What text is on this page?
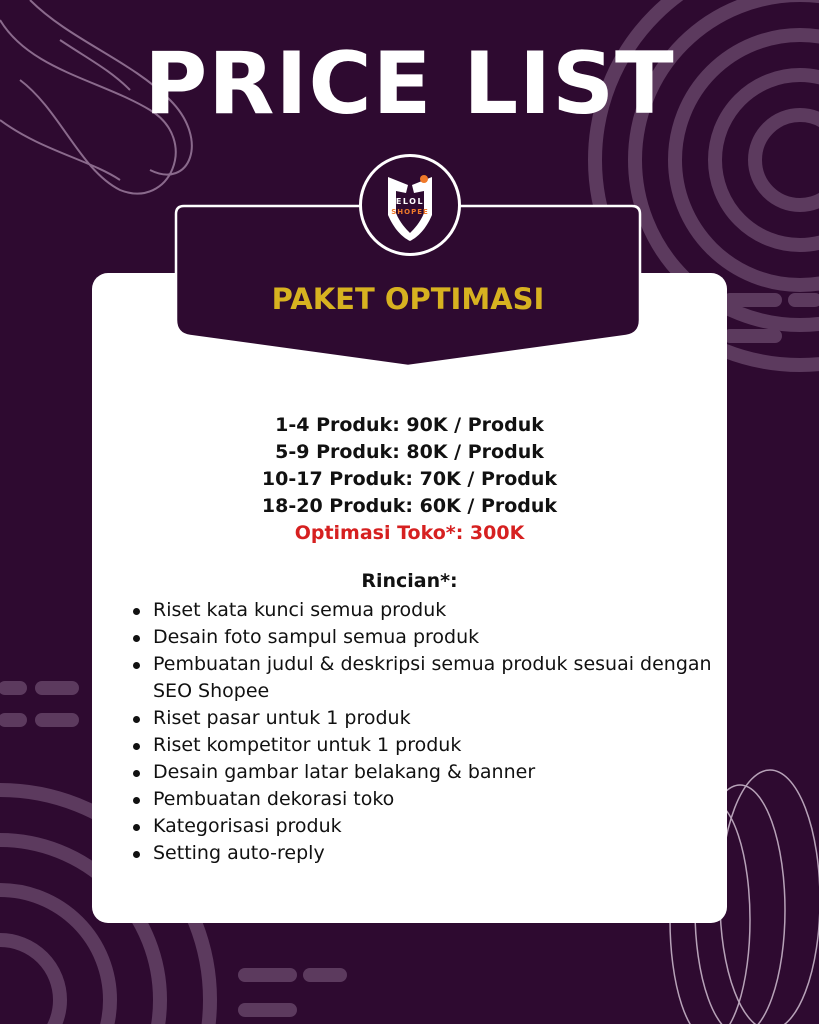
PRICE LIST
PAKET OPTIMASI
KELOLA
SHOPEE
1-4 Produk: 90K / Produk
5-9 Produk: 80K / Produk
10-17 Produk: 70K / Produk
18-20 Produk: 60K / Produk
Optimasi Toko*: 300K
Rincian*:
Riset kata kunci semua produk
Desain foto sampul semua produk
Pembuatan judul & deskripsi semua produk sesuai dengan SEO Shopee
Riset pasar untuk 1 produk
Riset kompetitor untuk 1 produk
Desain gambar latar belakang & banner
Pembuatan dekorasi toko
Kategorisasi produk
Setting auto-reply
